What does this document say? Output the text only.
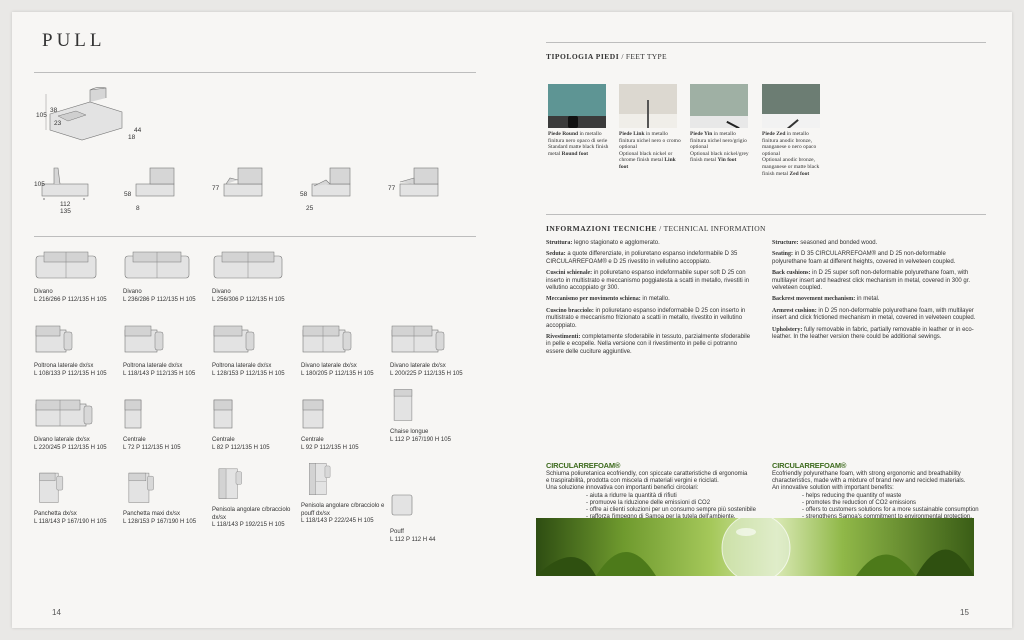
PULL
105
38
23
44
18
105
112
135
58
8
77
58
25
77
Divano
L 216/266 P 112/135 H 105
Divano
L 236/286 P 112/135 H 105
Divano
L 256/306 P 112/135 H 105
Poltrona laterale dx/sx
L 108/133 P 112/135 H 105
Poltrona laterale dx/sx
L 118/143 P 112/135 H 105
Poltrona laterale dx/sx
L 128/153 P 112/135 H 105
Divano laterale dx/sx
L 180/205 P 112/135 H 105
Divano laterale dx/sx
L 200/225 P 112/135 H 105
Divano laterale dx/sx
L 220/245 P 112/135 H 105
Centrale
L 72 P 112/135 H 105
Centrale
L 82 P 112/135 H 105
Centrale
L 92 P 112/135 H 105
Chaise longue
L 112 P 167/190 H 105
Panchetta dx/sx
L 118/143 P 167/190 H 105
Panchetta maxi dx/sx
L 128/153 P 167/190 H 105
Penisola angolare c/bracciolo dx/sx
L 118/143 P 192/215 H 105
Penisola angolare c/bracciolo e pouff dx/sx
L 118/143 P 222/245 H 105
Pouff
L 112 P 112 H 44
14
TIPOLOGIA PIEDI / FEET TYPE
Piede Round in metallo finitura nero opaco di serie
Standard matte black finish metal Round foot
Piede Link in metallo finitura nichel nero o cromo optional
Optional black nickel or chrome finish metal Link foot
Piede Yin in metallo finitura nichel nero/grigio optional
Optional black nickel/grey finish metal Yin foot
Piede Zed in metallo finitura anodic bronze, manganese o nero opaco optional
Optional anodic bronze, manganese or matte black finish metal Zed foot
INFORMAZIONI TECNICHE / TECHNICAL INFORMATION

Struttura: legno stagionato e agglomerato.

Seduta: a quote differenziate, in poliuretano espanso indeformabile D 35 CIRCULARREFOAM® e D 25 rivestito in vellutino accoppiato.

Cuscini schienale: in poliuretano espanso indeformabile super soft D 25 con inserto in multistrato e meccanismo poggiatesta a scatti in metallo, rivestiti in vellutino accoppiato gr 300.

Meccanismo per movimento schiena: in metallo.

Cuscino bracciolo: in poliuretano espanso indeformabile D 25 con inserto in multistrato e meccanismo frizionato a scatti in metallo, rivestito in vellutino accoppiato.

Rivestimenti: completamente sfoderabile in tessuto, parzialmente sfoderabile in pelle e ecopelle. Nella versione con il rivestimento in pelle ci potranno essere delle cuciture aggiuntive.

Structure: seasoned and bonded wood.

Seating: in D 35 CIRCULARREFOAM® and D 25 non-deformable polyurethane foam at different heights, covered in velveteen coupled.

Back cushions: in D 25 super soft non-deformable polyurethane foam, with multilayer insert and headrest click mechanism in metal, covered in 300 gr. velveteen coupled.

Backrest movement mechanism: in metal.

Armrest cushion: in D 25 non-deformable polyurethane foam, with multilayer insert and click frictioned mechanism in metal, covered in velveteen coupled.

Upholstery: fully removable in fabric, partially removable in leather or in eco-leather. In the leather version there could be additional sewings.

CIRCULARREFOAM®
Schiuma poliuretanica ecofriendly, con spiccate caratteristiche di ergonomia
e traspirabilità, prodotta con miscela di materiali vergini e riciclati.
Una soluzione innovativa con importanti benefici circolari:
- aiuta a ridurre la quantità di rifiuti
- promuove la riduzione delle emissioni di CO2
- offre ai clienti soluzioni per un consumo sempre più sostenibile
CIRCULARREFOAM®
Ecofriendly polyurethane foam, with strong ergonomic and breathability
characteristics, made with a mixture of brand new and recicled materials.
An innovative solution with important benefits:
- helps reducing the quantity of waste
- promotes the reduction of CO2 emissions
- offers to customers solutions for a more sustainable consumption
15
